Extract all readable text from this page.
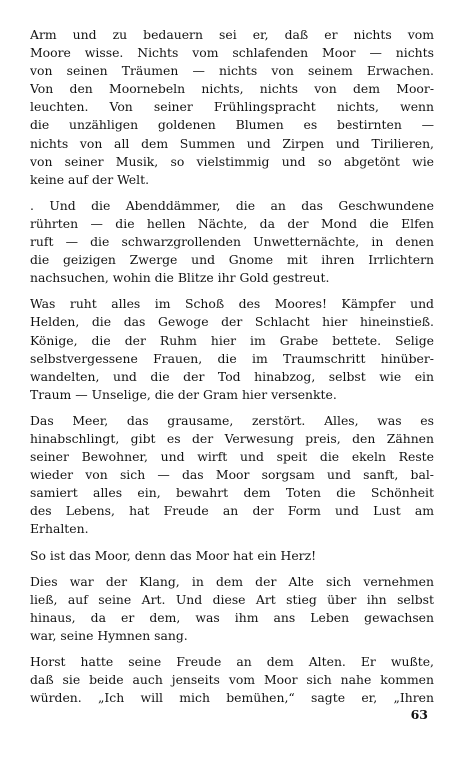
Arm und zu bedauern sei er, daß er nichts vom
Moore wisse. Nichts vom schlafenden Moor — nichts
von seinen Träumen — nichts von seinem Erwachen.
Von den Moornebeln nichts, nichts von dem Moor-
leuchten. Von seiner Frühlingspracht nichts, wenn
die unzähligen goldenen Blumen es bestirnten —
nichts von all dem Summen und Zirpen und Tirilieren,
von seiner Musik, so vielstimmig und so abgetönt wie
keine auf der Welt.

. Und die Abenddämmer, die an das Geschwundene
rührten — die hellen Nächte, da der Mond die Elfen
ruft — die schwarzgrollenden Unwetternächte, in denen
die geizigen Zwerge und Gnome mit ihren Irrlichtern
nachsuchen, wohin die Blitze ihr Gold gestreut.

Was ruht alles im Schoß des Moores! Kämpfer und
Helden, die das Gewoge der Schlacht hier hineinstieß.
Könige, die der Ruhm hier im Grabe bettete. Selige
selbstvergessene Frauen, die im Traumschritt hinüber-
wandelten, und die der Tod hinabzog, selbst wie ein
Traum — Unselige, die der Gram hier versenkte.

Das Meer, das grausame, zerstört. Alles, was es
hinabschlingt, gibt es der Verwesung preis, den Zähnen
seiner Bewohner, und wirft und speit die ekeln Reste
wieder von sich — das Moor sorgsam und sanft, bal-
samiert alles ein, bewahrt dem Toten die Schönheit
des Lebens, hat Freude an der Form und Lust am
Erhalten.

So ist das Moor, denn das Moor hat ein Herz!

Dies war der Klang, in dem der Alte sich vernehmen
ließ, auf seine Art. Und diese Art stieg über ihn selbst
hinaus, da er dem, was ihm ans Leben gewachsen
war, seine Hymnen sang.

Horst hatte seine Freude an dem Alten. Er wußte,
daß sie beide auch jenseits vom Moor sich nahe kommen
würden. „Ich will mich bemühen,“ sagte er, „Ihren

63
